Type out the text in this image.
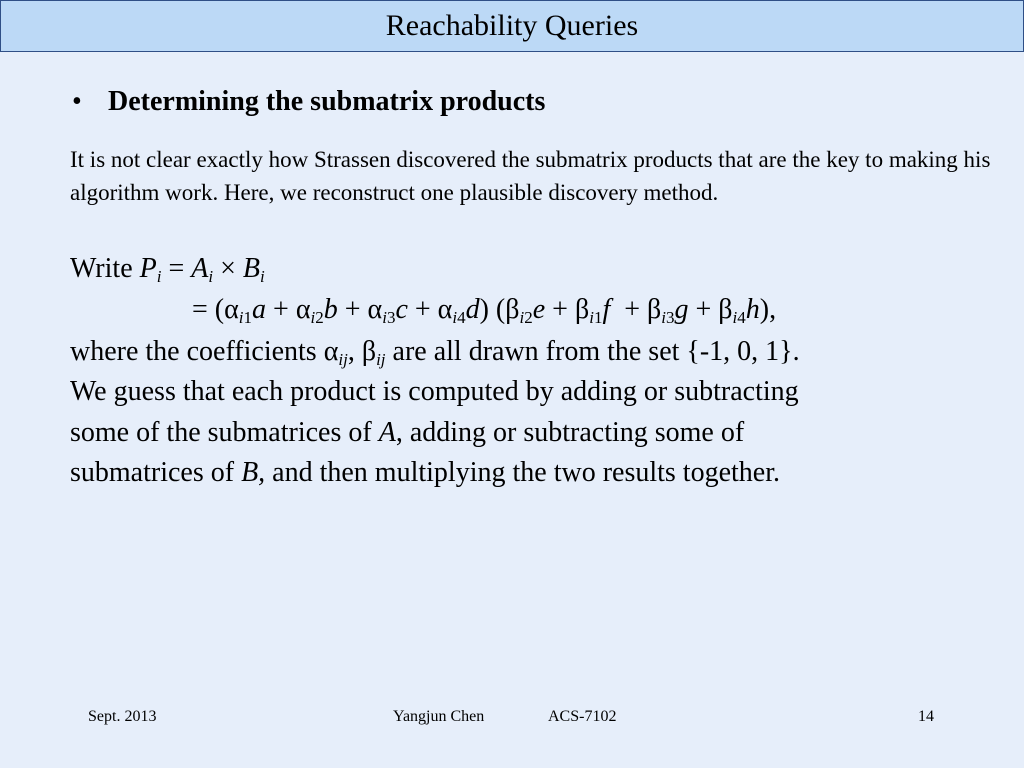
Reachability Queries
• Determining the submatrix products
It is not clear exactly how Strassen discovered the submatrix products that are the key to making his algorithm work. Here, we reconstruct one plausible discovery method.
Write $P_i = A_i \times B_i$
= $(\alpha_{i1}a + \alpha_{i2}b + \alpha_{i3}c + \alpha_{i4}d) (\beta_{i2}e + \beta_{i1}f + \beta_{i3}g + \beta_{i4}h)$,
where the coefficients $\alpha_{ij}$, $\beta_{ij}$ are all drawn from the set {-1, 0, 1}.
We guess that each product is computed by adding or subtracting
some of the submatrices of A, adding or subtracting some of
submatrices of B, and then multiplying the two results together.
Sept. 2013	Yangjun Chen	ACS-7102	14
